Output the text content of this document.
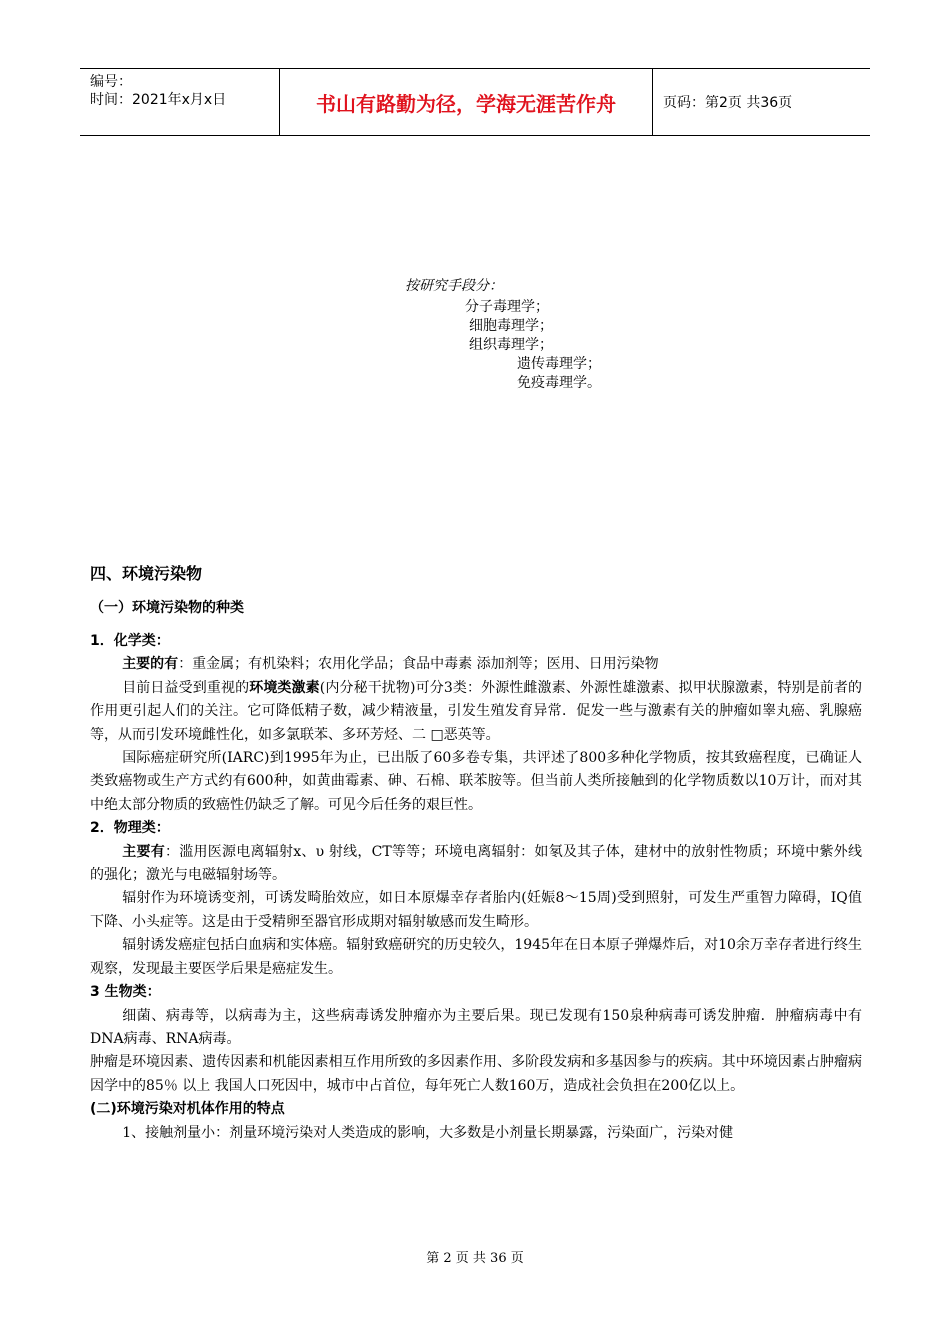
编号：
时间：2021年x月x日	书山有路勤为径，学海无涯苦作舟	页码：第2页 共36页
按研究手段分：
分子毒理学；
细胞毒理学；
组织毒理学；
遗传毒理学；
免疫毒理学。
四、环境污染物
（一）环境污染物的种类

1．化学类：

主要的有：重金属；有机染料；农用化学品；食品中毒素 添加剂等；医用、日用污染物

目前日益受到重视的环境类激素(内分秘干扰物)可分3类：外源性雌激素、外源性雄激素、拟甲状腺激素，特别是前者的作用更引起人们的关注。它可降低精子数，减少精液量，引发生殖发育异常．促发一些与激素有关的肿瘤如睾丸癌、乳腺癌等，从而引发环境雌性化，如多氯联苯、多环芳烃、二 □恶英等。

国际癌症研究所(IARC)到1995年为止，已出版了60多卷专集，共评述了800多种化学物质，按其致癌程度，已确证人类致癌物或生产方式约有600种，如黄曲霉素、砷、石棉、联苯胺等。但当前人类所接触到的化学物质数以10万计，而对其中绝太部分物质的致癌性仍缺乏了解。可见今后任务的艰巨性。

2．物理类：

主要有：滥用医源电离辐射x、υ 射线，CT等等；环境电离辐射：如氡及其子体，建材中的放射性物质；环境中紫外线的强化；激光与电磁辐射场等。

辐射作为环境诱变剂，可诱发畸胎效应，如日本原爆幸存者胎内(妊娠8～15周)受到照射，可发生严重智力障碍，IQ值下降、小头症等。这是由于受精卵至器官形成期对辐射敏感而发生畸形。

辐射诱发癌症包括白血病和实体癌。辐射致癌研究的历史较久，1945年在日本原子弹爆炸后，对10余万幸存者进行终生观察，发现最主要医学后果是癌症发生。

3 生物类：

细菌、病毒等，以病毒为主，这些病毒诱发肿瘤亦为主要后果。现已发现有150泉种病毒可诱发肿瘤．肿瘤病毒中有DNA病毒、RNA病毒。

肿瘤是环境因素、遗传因素和机能因素相互作用所致的多因素作用、多阶段发病和多基因参与的疾病。其中环境因素占肿瘤病因学中的85％ 以上 我国人口死因中，城市中占首位，每年死亡人数160万，造成社会负担在200亿以上。

(二)环境污染对机体作用的特点

1、接触剂量小：剂量环境污染对人类造成的影响，大多数是小剂量长期暴露，污染面广，污染对健

第 2 页 共 36 页
